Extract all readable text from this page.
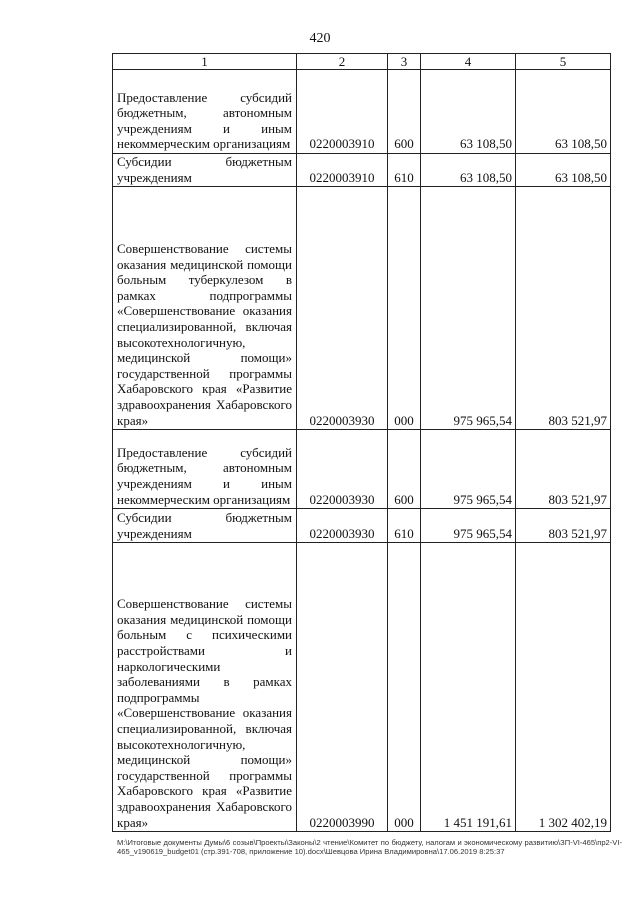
420
1	2	3	4	5

Предоставление субсидий бюджетным, автономным учреждениям и иным некоммерческим организациям	0220003910	600	63 108,50	63 108,50

Субсидии бюджетным учреждениям	0220003910	610	63 108,50	63 108,50

Совершенствование системы оказания медицинской помощи больным туберкулезом в рамках подпрограммы «Совершенствование оказания специализированной, включая высокотехнологичную, медицинской помощи» государственной программы Хабаровского края «Развитие здравоохранения Хабаровского края»	0220003930	000	975 965,54	803 521,97

Предоставление субсидий бюджетным, автономным учреждениям и иным некоммерческим организациям	0220003930	600	975 965,54	803 521,97

Субсидии бюджетным учреждениям	0220003930	610	975 965,54	803 521,97

Совершенствование системы оказания медицинской помощи больным с психическими расстройствами и наркологическими заболеваниями в рамках подпрограммы «Совершенствование оказания специализированной, включая высокотехнологичную, медицинской помощи» государственной программы Хабаровского края «Развитие здравоохранения Хабаровского края»	0220003990	000	1 451 191,61	1 302 402,19
M:\Итоговые документы Думы\6 созыв\Проекты\Законы\2 чтение\Комитет по бюджету, налогам и экономическому развитию\ЗП-VI-465\пр2-VI-465_v190619_budget01 (стр.391-708, приложение 10).docx\Шевцова Ирина Владимировна\17.06.2019 8:25:37
